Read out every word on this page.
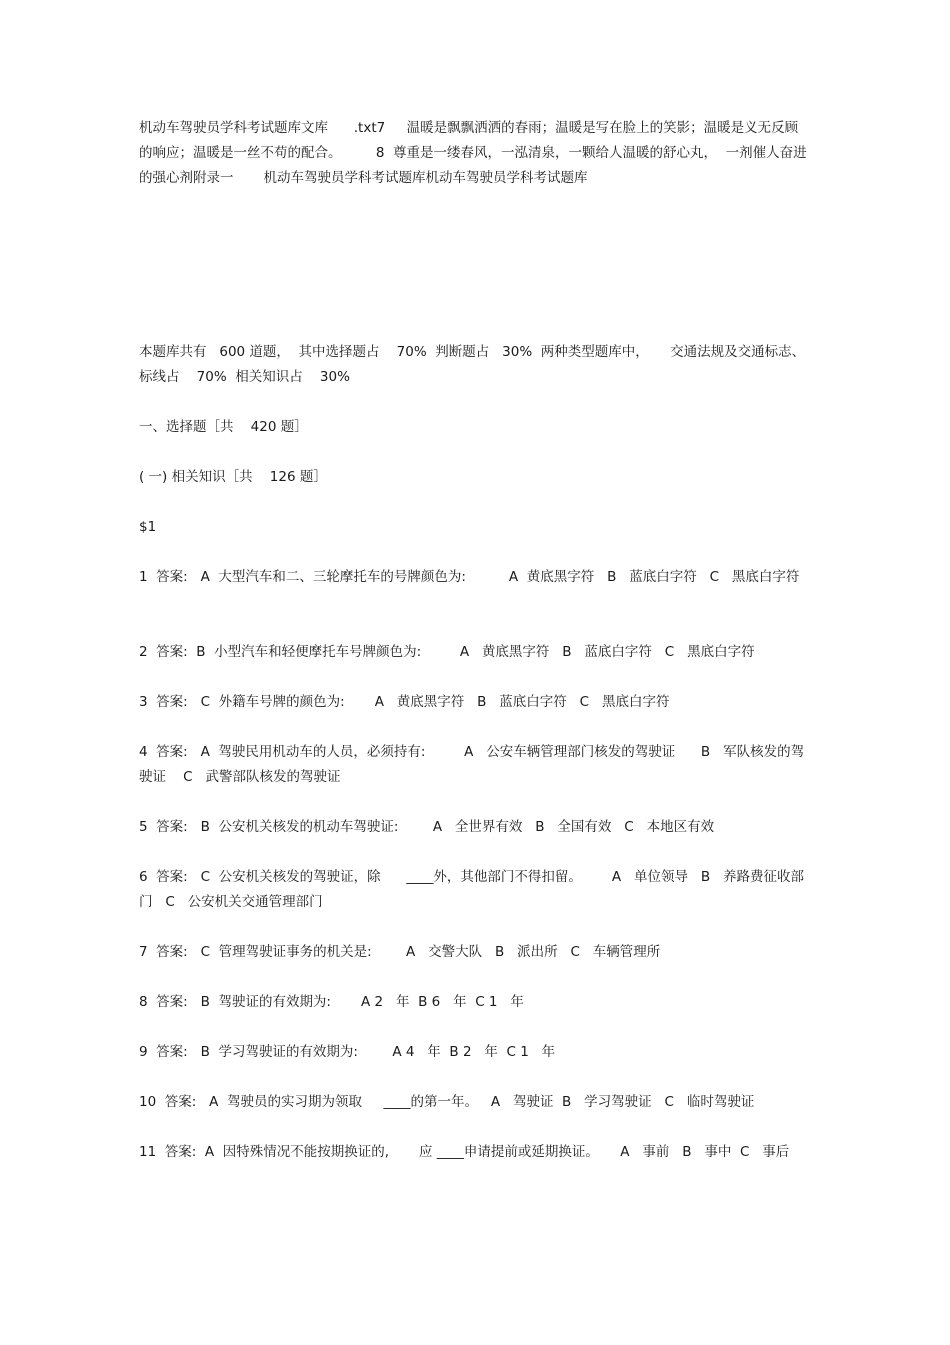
机动车驾驶员学科考试题库文库      .txt7     温暖是飘飘洒洒的春雨；温暖是写在脸上的笑影；温暖是义无反顾的响应；温暖是一丝不苟的配合。        8  尊重是一缕春风，一泓清泉，一颗给人温暖的舒心丸，  一剂催人奋进的强心剂附录一       机动车驾驶员学科考试题库机动车驾驶员学科考试题库
本题库共有   600 道题，  其中选择题占    70%  判断题占   30%  两种类型题库中，     交通法规及交通标志、标线占    70%  相关知识占    30%
一、选择题［共    420 题］
( 一) 相关知识［共    126 题］
$1
1  答案:   A  大型汽车和二、三轮摩托车的号牌颜色为:          A  黄底黑字符   B   蓝底白字符   C   黑底白字符
2  答案:  B  小型汽车和轻便摩托车号牌颜色为:         A   黄底黑字符   B   蓝底白字符   C   黑底白字符
3  答案:   C  外籍车号牌的颜色为:       A   黄底黑字符   B   蓝底白字符   C   黑底白字符
4  答案:   A  驾驶民用机动车的人员，必须持有:         A   公安车辆管理部门核发的驾驶证      B   军队核发的驾驶证    C   武警部队核发的驾驶证
5  答案:   B  公安机关核发的机动车驾驶证:        A   全世界有效   B   全国有效   C   本地区有效
6  答案:   C  公安机关核发的驾驶证，除      ____外，其他部门不得扣留。       A   单位领导   B   养路费征收部门   C   公安机关交通管理部门
7  答案:   C  管理驾驶证事务的机关是:        A   交警大队   B   派出所   C   车辆管理所
8  答案:   B  驾驶证的有效期为:       A 2   年  B 6   年  C 1   年
9  答案:   B  学习驾驶证的有效期为:        A 4   年  B 2   年  C 1   年
10  答案:   A  驾驶员的实习期为领取     ____的第一年。   A   驾驶证  B   学习驾驶证   C   临时驾驶证
11  答案:  A  因特殊情况不能按期换证的,       应 ____申请提前或延期换证。     A   事前   B   事中  C   事后
